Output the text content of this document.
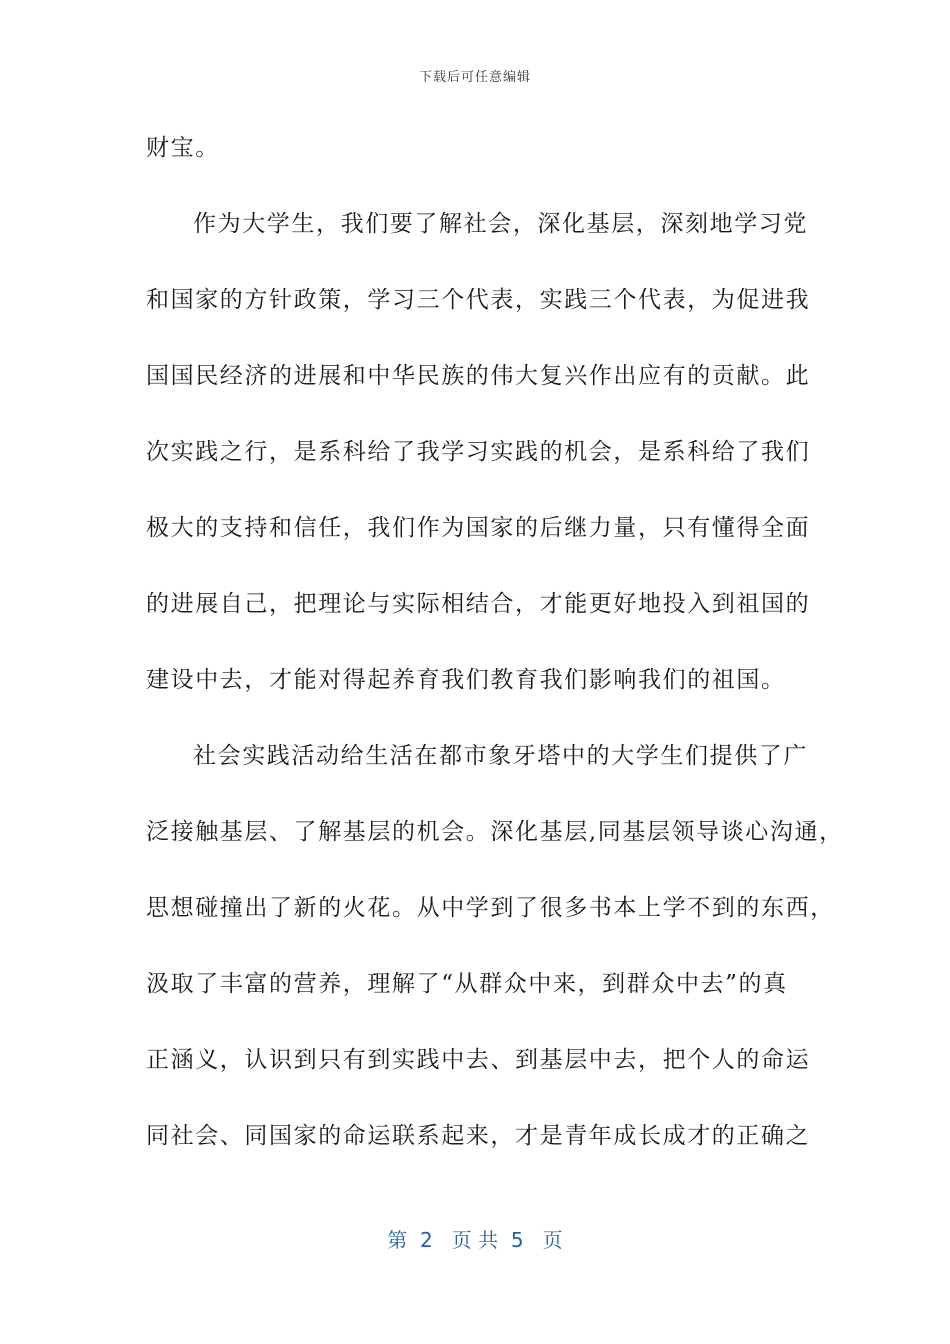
下载后可任意编辑
财宝。
作为大学生，我们要了解社会，深化基层，深刻地学习党
和国家的方针政策，学习三个代表，实践三个代表，为促进我
国国民经济的进展和中华民族的伟大复兴作出应有的贡献。此
次实践之行，是系科给了我学习实践的机会，是系科给了我们
极大的支持和信任，我们作为国家的后继力量，只有懂得全面
的进展自己，把理论与实际相结合，才能更好地投入到祖国的
建设中去，才能对得起养育我们教育我们影响我们的祖国。
社会实践活动给生活在都市象牙塔中的大学生们提供了广
泛接触基层、了解基层的机会。深化基层,同基层领导谈心沟通，
思想碰撞出了新的火花。从中学到了很多书本上学不到的东西，
汲取了丰富的营养，理解了“从群众中来，到群众中去”的真
正涵义，认识到只有到实践中去、到基层中去，把个人的命运
同社会、同国家的命运联系起来，才是青年成长成才的正确之
第  2   页 共  5   页
